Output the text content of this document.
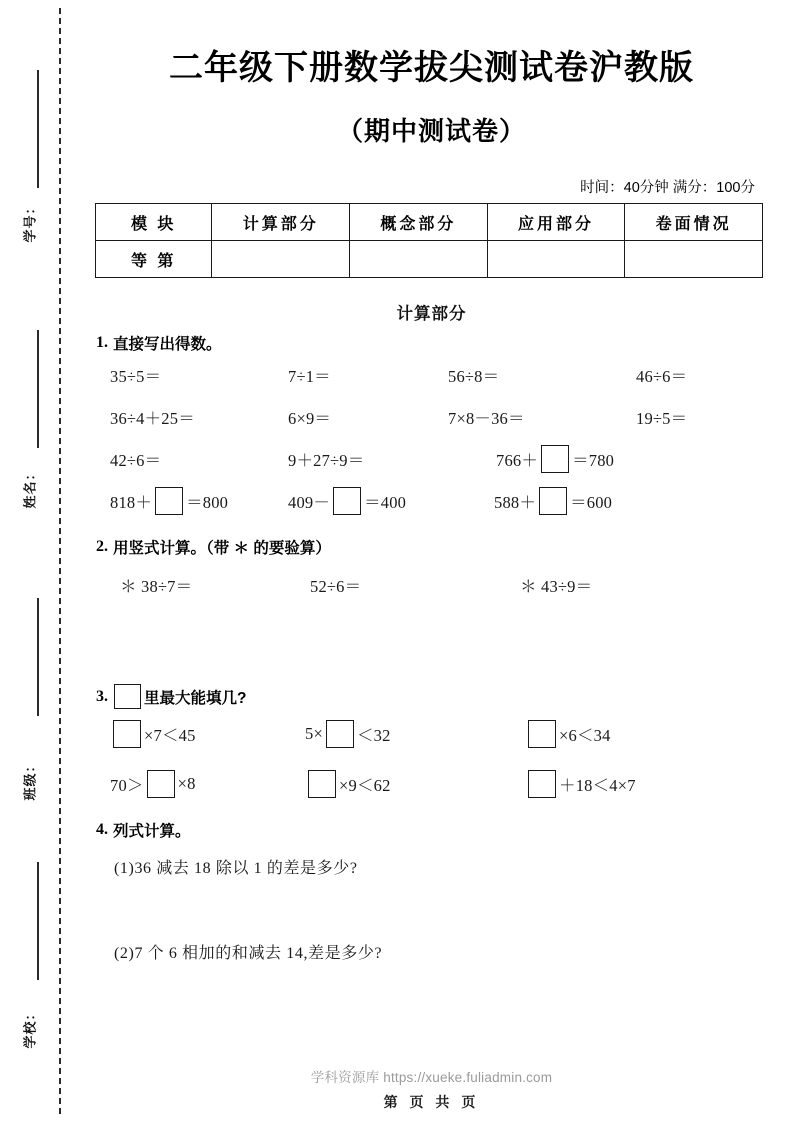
学号：
姓名：
班级：
学校：
二年级下册数学拔尖测试卷沪教版
（期中测试卷）

时间：40分钟 满分：100分

模 块	计算部分	概念部分	应用部分	卷面情况
等 第				
计算部分
1. 直接写出得数。
35÷5＝	7÷1＝	56÷8＝	46÷6＝
36÷4＋25＝	6×9＝	7×8－36＝	19÷5＝
42÷6＝	9＋27÷9＝	766＋ ＝780
818＋ ＝800	409－ ＝400	588＋ ＝600
2. 用竖式计算。（带 ＊ 的要验算）
＊ 38÷7＝	52÷6＝	＊ 43÷9＝
3. 里最大能填几?
×7＜45	5× ＜32	×6＜34
70＞ ×8	×9＜62	＋18＜4×7
4. 列式计算。
(1)36 减去 18 除以 1 的差是多少?
(2)7 个 6 相加的和减去 14,差是多少?
学科资源库 https://xueke.fuliadmin.com
第 页 共 页
